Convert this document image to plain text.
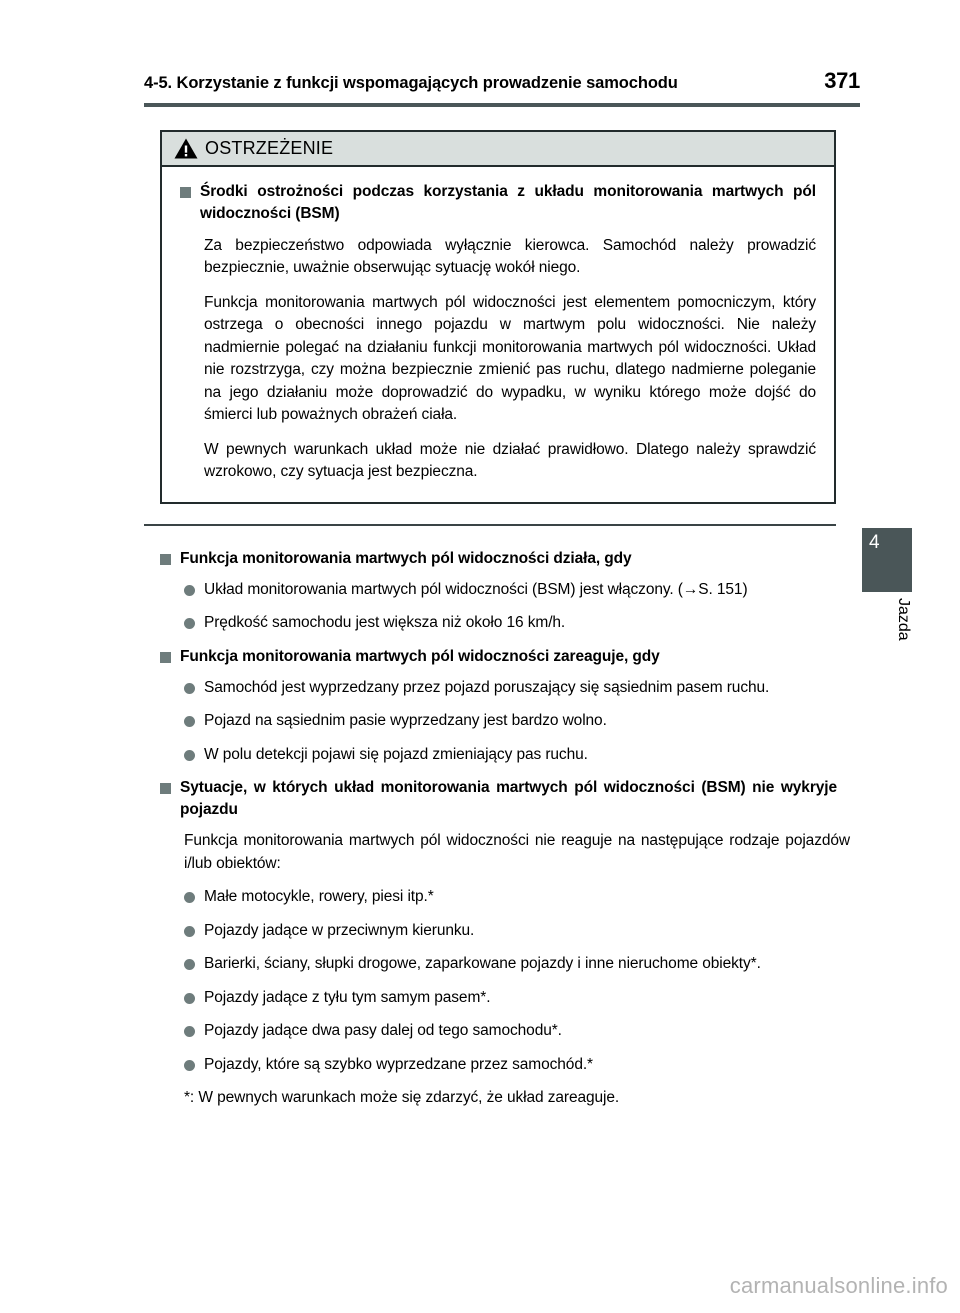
4-5. Korzystanie z funkcji wspomagających prowadzenie samochodu	371
OSTRZEŻENIE
Środki ostrożności podczas korzystania z układu monitorowania martwych pól widoczności (BSM)

Za bezpieczeństwo odpowiada wyłącznie kierowca. Samochód należy prowadzić bezpiecznie, uważnie obserwując sytuację wokół niego.

Funkcja monitorowania martwych pól widoczności jest elementem pomocniczym, który ostrzega o obecności innego pojazdu w martwym polu widoczności. Nie należy nadmiernie polegać na działaniu funkcji monitorowania martwych pól widoczności. Układ nie rozstrzyga, czy można bezpiecznie zmienić pas ruchu, dlatego nadmierne poleganie na jego działaniu może doprowadzić do wypadku, w wyniku którego może dojść do śmierci lub poważnych obrażeń ciała.

W pewnych warunkach układ może nie działać prawidłowo. Dlatego należy sprawdzić wzrokowo, czy sytuacja jest bezpieczna.

Funkcja monitorowania martwych pól widoczności działa, gdy
Układ monitorowania martwych pól widoczności (BSM) jest włączony. (→S. 151)
Prędkość samochodu jest większa niż około 16 km/h.
Funkcja monitorowania martwych pól widoczności zareaguje, gdy
Samochód jest wyprzedzany przez pojazd poruszający się sąsiednim pasem ruchu.
Pojazd na sąsiednim pasie wyprzedzany jest bardzo wolno.
W polu detekcji pojawi się pojazd zmieniający pas ruchu.
Sytuacje, w których układ monitorowania martwych pól widoczności (BSM) nie wykryje pojazdu

Funkcja monitorowania martwych pól widoczności nie reaguje na następujące rodzaje pojazdów i/lub obiektów:

Małe motocykle, rowery, piesi itp.*
Pojazdy jadące w przeciwnym kierunku.
Barierki, ściany, słupki drogowe, zaparkowane pojazdy i inne nieruchome obiekty*.
Pojazdy jadące z tyłu tym samym pasem*.
Pojazdy jadące dwa pasy dalej od tego samochodu*.
Pojazdy, które są szybko wyprzedzane przez samochód.*

*: W pewnych warunkach może się zdarzyć, że układ zareaguje.

4
Jazda
carmanualsonline.info
